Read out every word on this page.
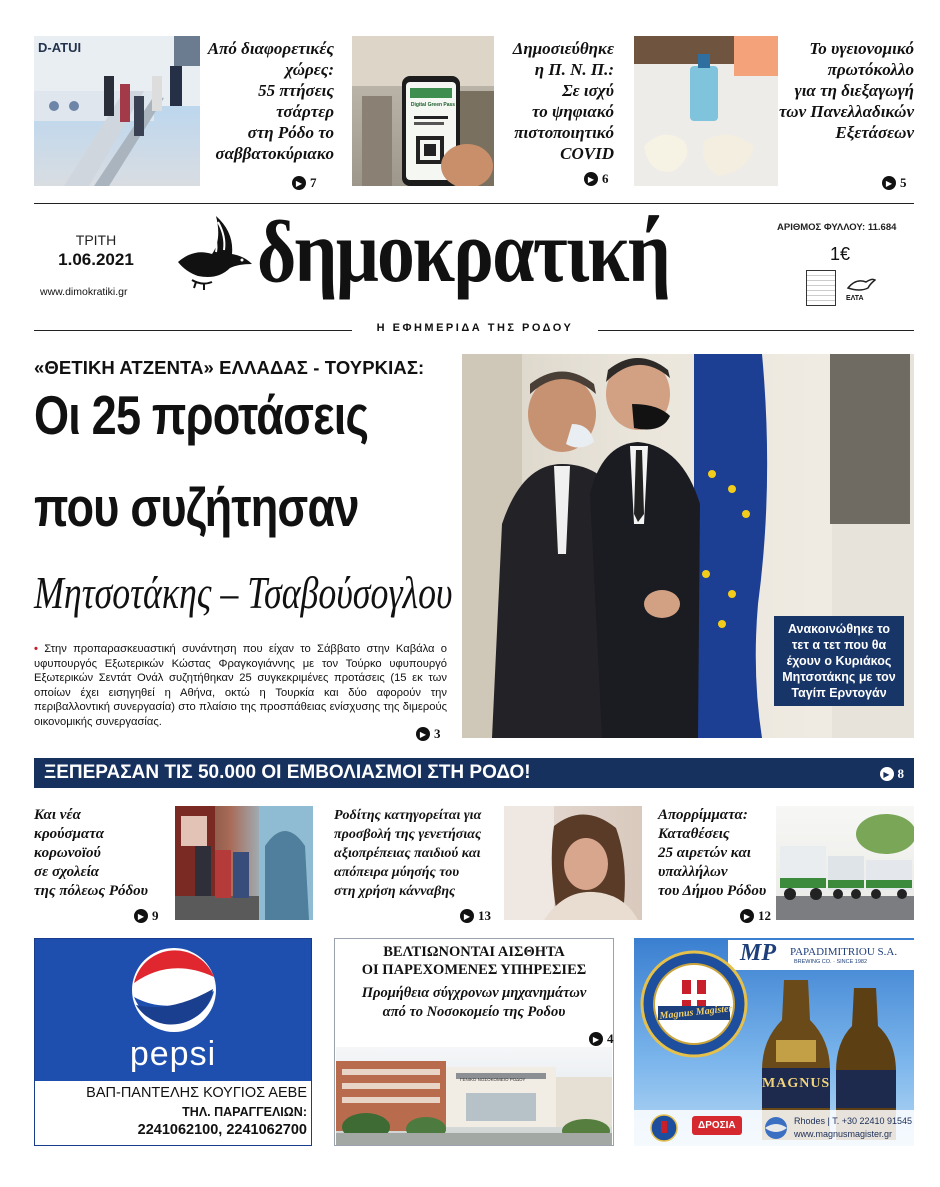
D-ATUI	Από διαφορετικές
χώρες:
55 πτήσεις
τσάρτερ
στη Ρόδο το
σαββατοκύριακο
▶ 7
Digital Green Pass
Δημοσιεύθηκε
η Π. Ν. Π.:
Σε ισχύ
το ψηφιακό
πιστοποιητικό
COVID
▶ 6
Το υγειονομικό
πρωτόκολλο
για τη διεξαγωγή
των Πανελλαδικών
Εξετάσεων
▶ 5
ΤΡΙΤΗ
1.06.2021
www.dimokratiki.gr δημοκρατική	ΑΡΙΘΜΟΣ ΦΥΛΛΟΥ: 11.684
1€
ΕΛΤΑ
Η ΕΦΗΜΕΡΙΔΑ ΤΗΣ ΡΟΔΟΥ
«ΘΕΤΙΚΗ ΑΤΖΕΝΤΑ» ΕΛΛΑΔΑΣ - ΤΟΥΡΚΙΑΣ:
Οι 25 προτάσεις
που συζήτησαν
Μητσοτάκης – Τσαβούσογλου
• Στην προπαρασκευαστική συνάντηση που είχαν το Σάββατο στην Καβάλα ο υφυπουργός Εξωτερικών Κώστας Φραγκογιάννης με τον Τούρκο υφυπουργό Εξωτερικών Σεντάτ Ονάλ συζητήθηκαν 25 συγκεκριμένες προτάσεις (15 εκ των οποίων έχει εισηγηθεί η Αθήνα, οκτώ η Τουρκία και δύο αφορούν την περιβαλλοντική συνεργασία) στο πλαίσιο της προσπάθειας ενίσχυσης της διμερούς οικονομικής συνεργασίας.
▶ 3
Ανακοινώθηκε το τετ α τετ που θα έχουν ο Κυριάκος Μητσοτάκης με τον Ταγίπ Ερντογάν
ΞΕΠΕΡΑΣΑΝ ΤΙΣ 50.000 ΟΙ ΕΜΒΟΛΙΑΣΜΟΙ ΣΤΗ ΡΟΔΟ!	▶ 8
Και νέα
κρούσματα
κορωνοϊού
σε σχολεία
της πόλεως Ρόδου
▶ 9
Ροδίτης κατηγορείται για
προσβολή της γενετήσιας
αξιοπρέπειας παιδιού και
απόπειρα μύησής του
στη χρήση κάνναβης
▶ 13
Απορρίμματα:
Καταθέσεις
25 αιρετών και
υπαλλήλων
του Δήμου Ρόδου
▶ 12
pepsi
ΒΑΠ-ΠΑΝΤΕΛΗΣ ΚΟΥΓΙΟΣ ΑΕΒΕ
ΤΗΛ. ΠΑΡΑΓΓΕΛΙΩΝ:
2241062100, 2241062700
ΒΕΛΤΙΩΝΟΝΤΑΙ ΑΙΣΘΗΤΑ
ΟΙ ΠΑΡΕΧΟΜΕΝΕΣ ΥΠΗΡΕΣΙΕΣ
Προμήθεια σύγχρονων μηχανημάτων
από το Νοσοκομείο της Ροδου
▶ 4
ΓΕΝΙΚΟ ΝΟΣΟΚΟΜΕΙΟ ΡΟΔΟΥ
MP PAPADIMITRIOU S.A.
BREWING CO. · SINCE 1982
Magnus Magister
MAGNUS
ΔΡΟΣΙΑ	Rhodes | T. +30 22410 91545
www.magnusmagister.gr
